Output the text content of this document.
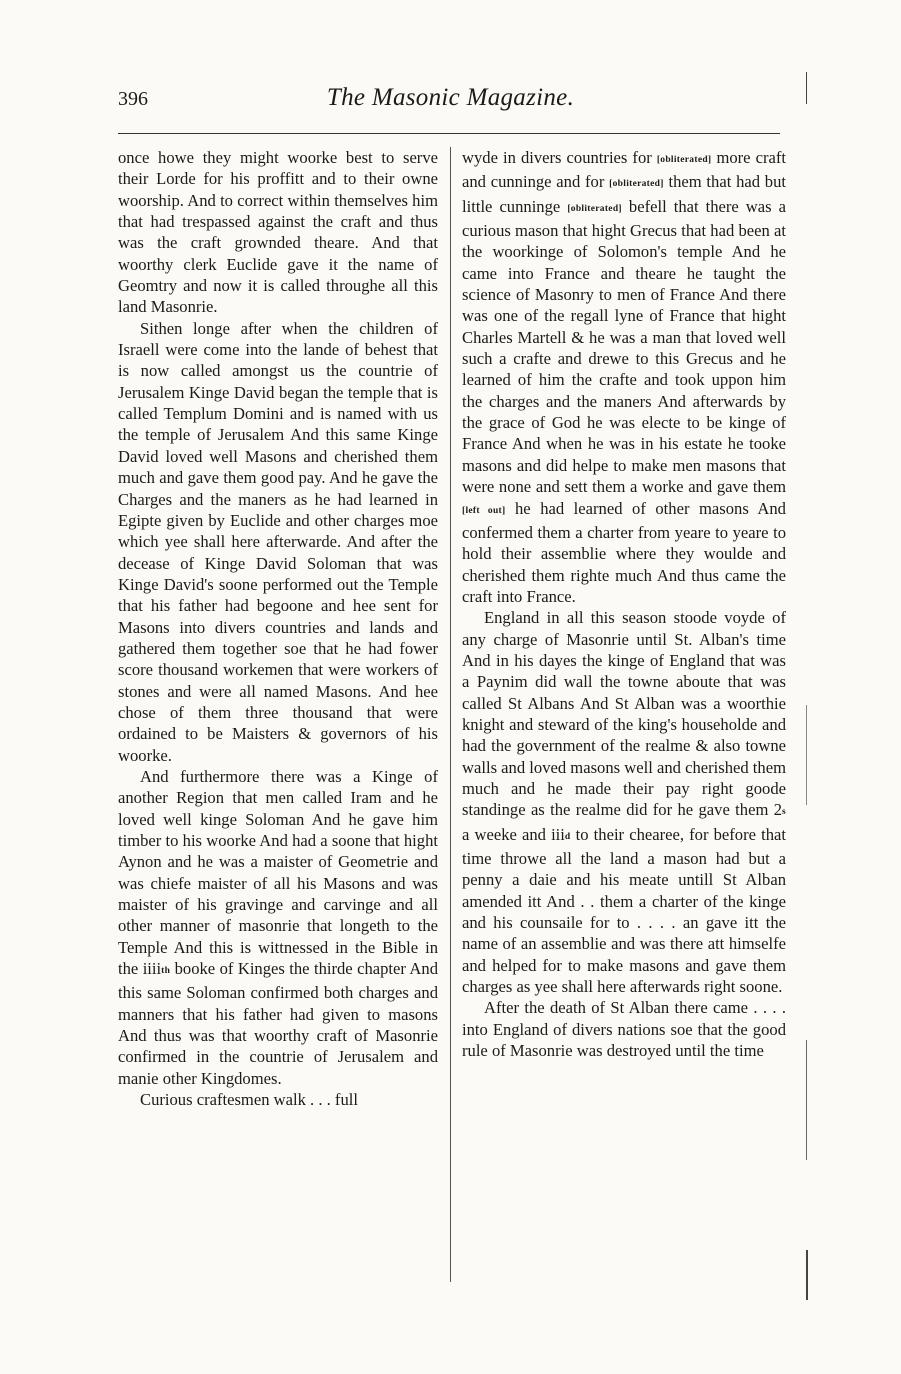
396	The Masonic Magazine.

once howe they might woorke best to serve their Lorde for his proffitt and to their owne woorship. And to correct within themselves him that had trespassed against the craft and thus was the craft grownded theare. And that woorthy clerk Euclide gave it the name of Geomtry and now it is called throughe all this land Masonrie.

Sithen longe after when the children of Israell were come into the lande of behest that is now called amongst us the countrie of Jerusalem Kinge David began the temple that is called Templum Domini and is named with us the temple of Jerusalem And this same Kinge David loved well Masons and cherished them much and gave them good pay. And he gave the Charges and the maners as he had learned in Egipte given by Euclide and other charges moe which yee shall here afterwarde. And after the decease of Kinge David Soloman that was Kinge David's soone performed out the Temple that his father had begoone and hee sent for Masons into divers countries and lands and gathered them together soe that he had fower score thousand workemen that were workers of stones and were all named Masons. And hee chose of them three thousand that were ordained to be Maisters & governors of his woorke.

And furthermore there was a Kinge of another Region that men called Iram and he loved well kinge Soloman And he gave him timber to his woorke And had a soone that hight Aynon and he was a maister of Geometrie and was chiefe maister of all his Masons and was maister of his gravinge and carvinge and all other manner of masonrie that longeth to the Temple And this is wittnessed in the Bible in the iiii$^{th}$ booke of Kinges the thirde chapter And this same Soloman confirmed both charges and manners that his father had given to masons And thus was that woorthy craft of Masonrie confirmed in the countrie of Jerusalem and manie other Kingdomes.

Curious craftesmen walk . . . full

wyde in divers countries for [obliterated] more craft and cunninge and for [obliterated] them that had but little cunninge [obliterated] befell that there was a curious mason that hight Grecus that had been at the woorkinge of Solomon's temple And he came into France and theare he taught the science of Masonry to men of France And there was one of the regall lyne of France that hight Charles Martell & he was a man that loved well such a crafte and drewe to this Grecus and he learned of him the crafte and took uppon him the charges and the maners And afterwards by the grace of God he was electe to be kinge of France And when he was in his estate he tooke masons and did helpe to make men masons that were none and sett them a worke and gave them [left out] he had learned of other masons And confermed them a charter from yeare to yeare to hold their assemblie where they woulde and cherished them righte much And thus came the craft into France.

England in all this season stoode voyde of any charge of Masonrie until St. Alban's time And in his dayes the kinge of England that was a Paynim did wall the towne aboute that was called St Albans And St Alban was a woorthie knight and steward of the king's householde and had the government of the realme & also towne walls and loved masons well and cherished them much and he made their pay right goode standinge as the realme did for he gave them 2$^s$ a weeke and iii$^d$ to their chearee, for before that time throwe all the land a mason had but a penny a daie and his meate untill St Alban amended itt And . . them a charter of the kinge and his counsaile for to . . . . an gave itt the name of an assemblie and was there att himselfe and helped for to make masons and gave them charges as yee shall here afterwards right soone.

After the death of St Alban there came . . . . into England of divers nations soe that the good rule of Masonrie was destroyed until the time
